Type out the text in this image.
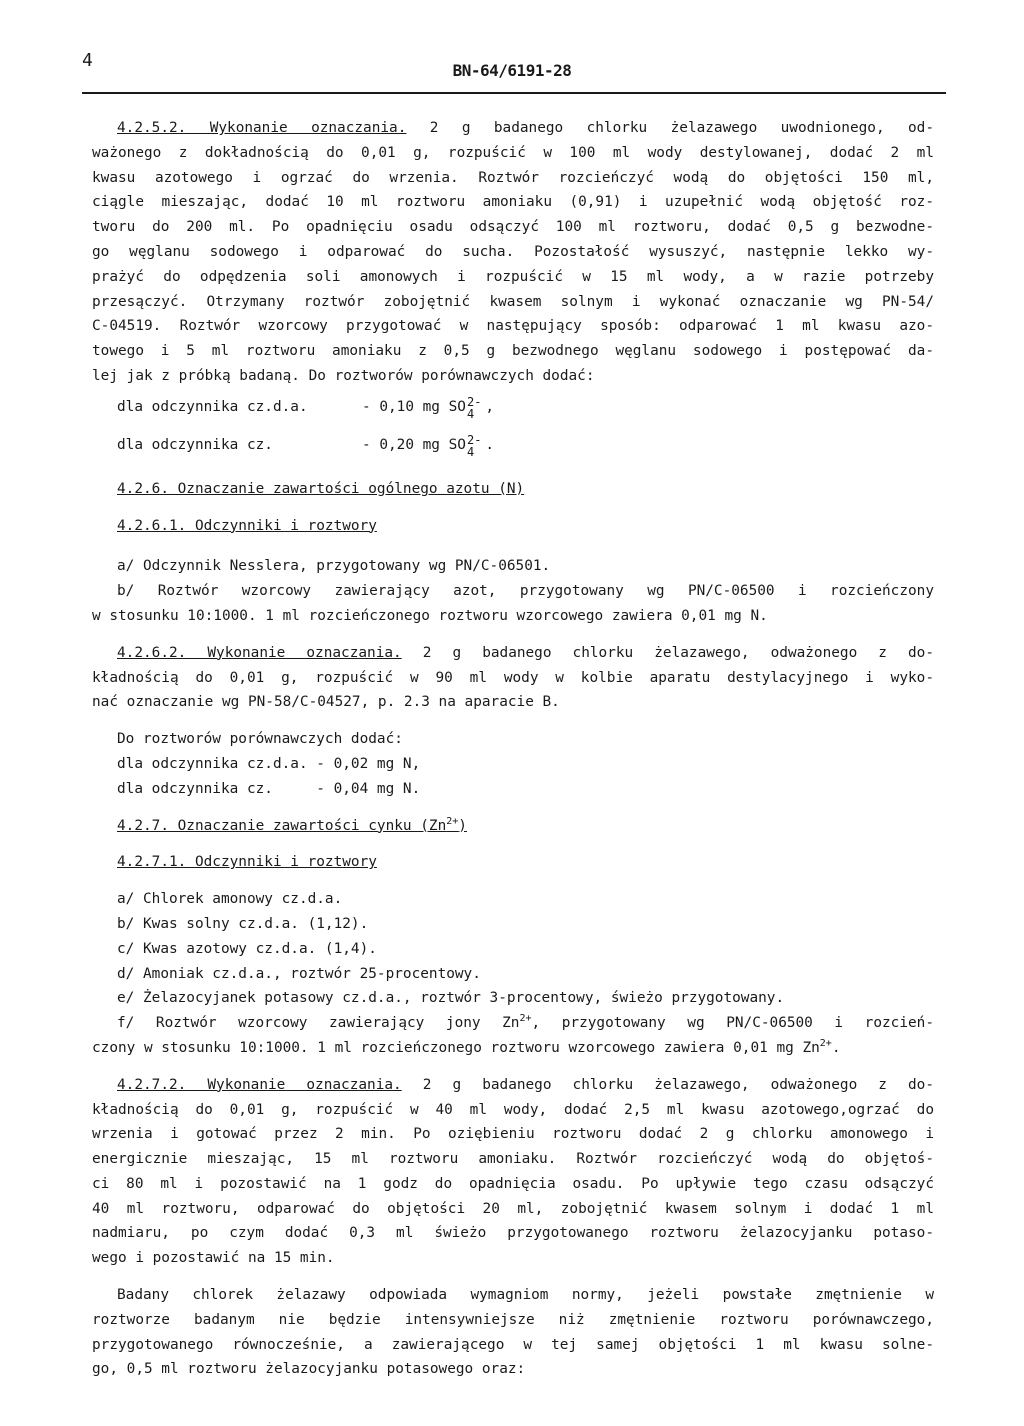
4	BN-64/6191-28
4.2.5.2. Wykonanie oznaczania. 2 g badanego chlorku żelazawego uwodnionego, od-
ważonego z dokładnością do 0,01 g, rozpuścić w 100 ml wody destylowanej, dodać 2 ml
kwasu azotowego i ogrzać do wrzenia. Roztwór rozcieńczyć wodą do objętości 150 ml,
ciągle mieszając, dodać 10 ml roztworu amoniaku (0,91) i uzupełnić wodą objętość roz-
tworu do 200 ml. Po opadnięciu osadu odsączyć 100 ml roztworu, dodać 0,5 g bezwodne-
go węglanu sodowego i odparować do sucha. Pozostałość wysuszyć, następnie lekko wy-
prażyć do odpędzenia soli amonowych i rozpuścić w 15 ml wody, a w razie potrzeby
przesączyć. Otrzymany roztwór zobojętnić kwasem solnym i wykonać oznaczanie wg PN-54/
C-04519. Roztwór wzorcowy przygotować w następujący sposób: odparować 1 ml kwasu azo-
towego i 5 ml roztworu amoniaku z 0,5 g bezwodnego węglanu sodowego i postępować da-
lej jak z próbką badaną. Do roztworów porównawczych dodać:
dla odczynnika cz.d.a.	- 0,10 mg SO 2-
4 ,
dla odczynnika cz.	- 0,20 mg SO 2-
4 .
4.2.6. Oznaczanie zawartości ogólnego azotu (N)
4.2.6.1. Odczynniki i roztwory
a/ Odczynnik Nesslera, przygotowany wg PN/C-06501.
b/ Roztwór wzorcowy zawierający azot, przygotowany wg PN/C-06500 i rozcieńczony
w stosunku 10:1000. 1 ml rozcieńczonego roztworu wzorcowego zawiera 0,01 mg N.
4.2.6.2. Wykonanie oznaczania. 2 g badanego chlorku żelazawego, odważonego z do-
kładnością do 0,01 g, rozpuścić w 90 ml wody w kolbie aparatu destylacyjnego i wyko-
nać oznaczanie wg PN-58/C-04527, p. 2.3 na aparacie B.
Do roztworów porównawczych dodać:
dla odczynnika cz.d.a. - 0,02 mg N,
dla odczynnika cz.     - 0,04 mg N.
4.2.7. Oznaczanie zawartości cynku $(Zn^{2+})$
4.2.7.1. Odczynniki i roztwory
a/ Chlorek amonowy cz.d.a.
b/ Kwas solny cz.d.a. (1,12).
c/ Kwas azotowy cz.d.a. (1,4).
d/ Amoniak cz.d.a., roztwór 25-procentowy.
e/ Żelazocyjanek potasowy cz.d.a., roztwór 3-procentowy, świeżo przygotowany.
f/ Roztwór wzorcowy zawierający jony $Zn^{2+}$, przygotowany wg PN/C-06500 i rozcień-
czony w stosunku 10:1000. 1 ml rozcieńczonego roztworu wzorcowego zawiera 0,01 mg $Zn^{2+}$.
4.2.7.2. Wykonanie oznaczania. 2 g badanego chlorku żelazawego, odważonego z do-
kładnością do 0,01 g, rozpuścić w 40 ml wody, dodać 2,5 ml kwasu azotowego,ogrzać do
wrzenia i gotować przez 2 min. Po oziębieniu roztworu dodać 2 g chlorku amonowego i
energicznie mieszając, 15 ml roztworu amoniaku. Roztwór rozcieńczyć wodą do objętoś-
ci 80 ml i pozostawić na 1 godz do opadnięcia osadu. Po upływie tego czasu odsączyć
40 ml roztworu, odparować do objętości 20 ml, zobojętnić kwasem solnym i dodać 1 ml
nadmiaru, po czym dodać 0,3 ml świeżo przygotowanego roztworu żelazocyjanku potaso-
wego i pozostawić na 15 min.
Badany chlorek żelazawy odpowiada wymagniom normy, jeżeli powstałe zmętnienie w
roztworze badanym nie będzie intensywniejsze niż zmętnienie roztworu porównawczego,
przygotowanego równocześnie, a zawierającego w tej samej objętości 1 ml kwasu solne-
go, 0,5 ml roztworu żelazocyjanku potasowego oraz:
